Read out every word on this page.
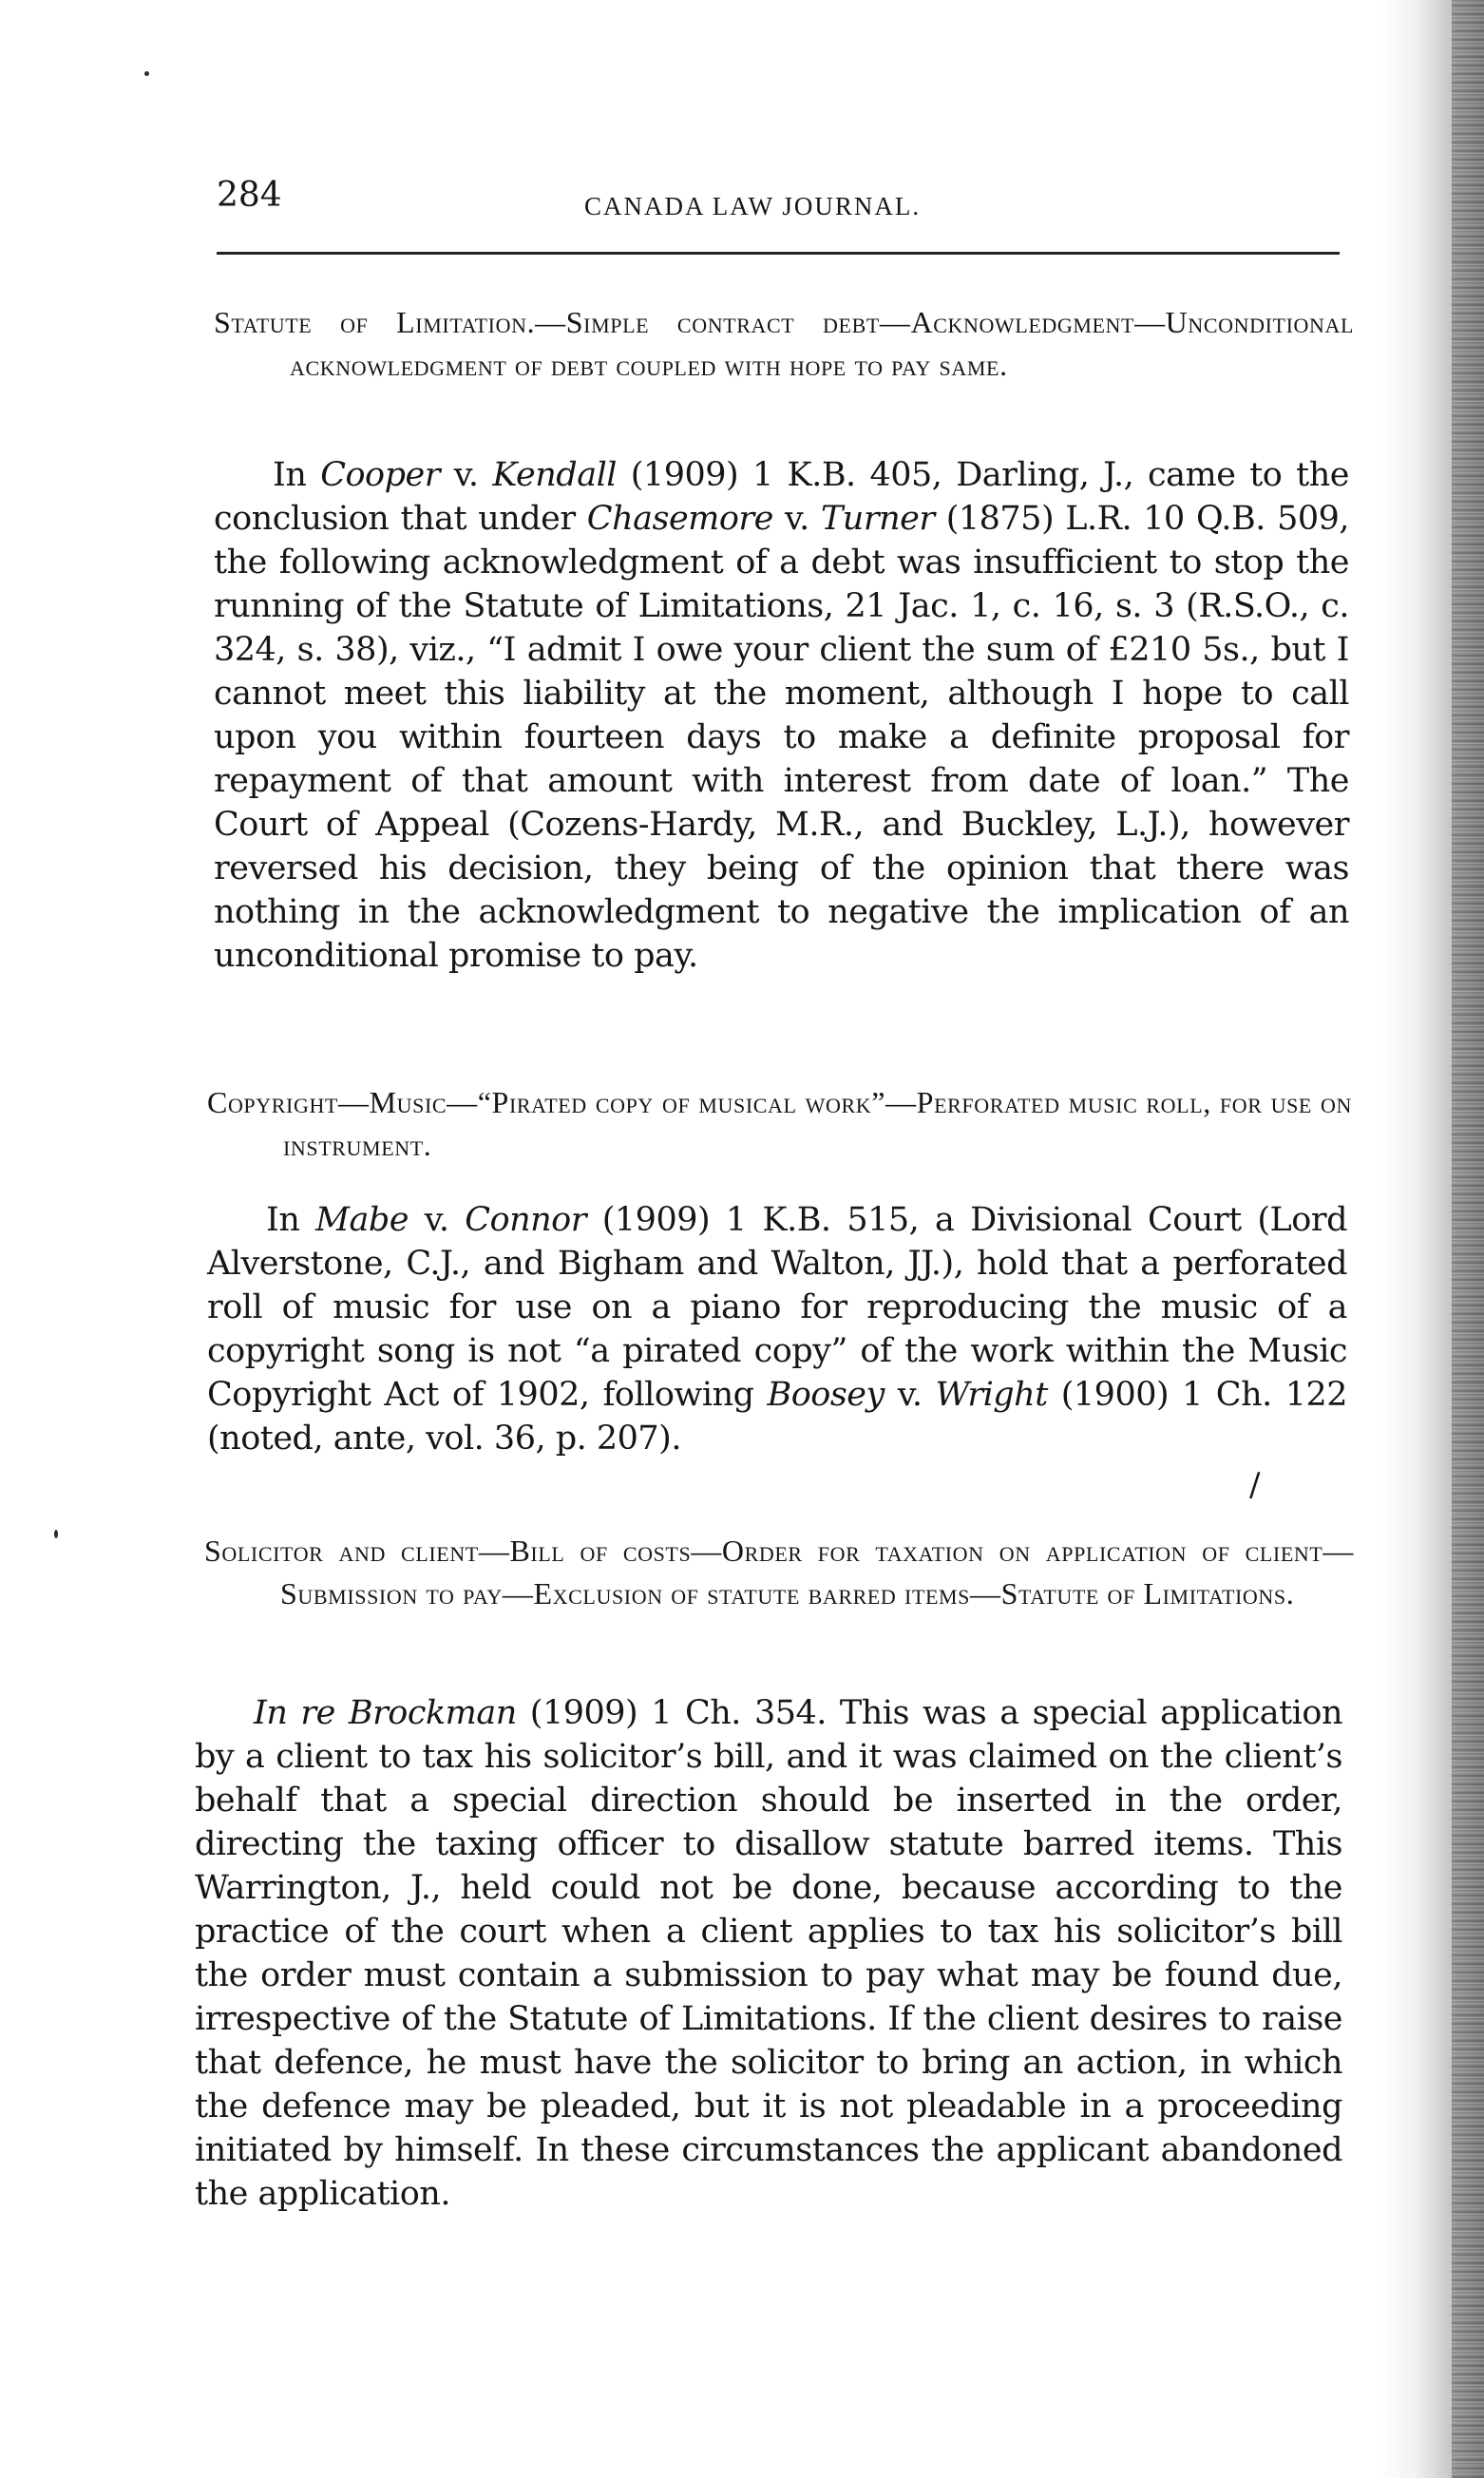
284	CANADA LAW JOURNAL.
Statute of Limitation.—Simple contract debt—Acknowledgment—Unconditional acknowledgment of debt coupled with hope to pay same.
In Cooper v. Kendall (1909) 1 K.B. 405, Darling, J., came to the conclusion that under Chasemore v. Turner (1875) L.R. 10 Q.B. 509, the following acknowledgment of a debt was insufficient to stop the running of the Statute of Limitations, 21 Jac. 1, c. 16, s. 3 (R.S.O., c. 324, s. 38), viz., “I admit I owe your client the sum of £210 5s., but I cannot meet this liability at the moment, although I hope to call upon you within fourteen days to make a definite proposal for repayment of that amount with interest from date of loan.” The Court of Appeal (Cozens-Hardy, M.R., and Buckley, L.J.), however reversed his decision, they being of the opinion that there was nothing in the acknowledgment to negative the implication of an unconditional promise to pay.
Copyright—Music—“Pirated copy of musical work”—Perforated music roll, for use on instrument.
In Mabe v. Connor (1909) 1 K.B. 515, a Divisional Court (Lord Alverstone, C.J., and Bigham and Walton, JJ.), hold that a perforated roll of music for use on a piano for reproducing the music of a copyright song is not “a pirated copy” of the work within the Music Copyright Act of 1902, following Boosey v. Wright (1900) 1 Ch. 122 (noted, ante, vol. 36, p. 207).
/
Solicitor and client—Bill of costs—Order for taxation on application of client—Submission to pay—Exclusion of statute barred items—Statute of Limitations.
In re Brockman (1909) 1 Ch. 354. This was a special application by a client to tax his solicitor’s bill, and it was claimed on the client’s behalf that a special direction should be inserted in the order, directing the taxing officer to disallow statute barred items. This Warrington, J., held could not be done, because according to the practice of the court when a client applies to tax his solicitor’s bill the order must contain a submission to pay what may be found due, irrespective of the Statute of Limitations. If the client desires to raise that defence, he must have the solicitor to bring an action, in which the defence may be pleaded, but it is not pleadable in a proceeding initiated by himself. In these circumstances the applicant abandoned the application.
